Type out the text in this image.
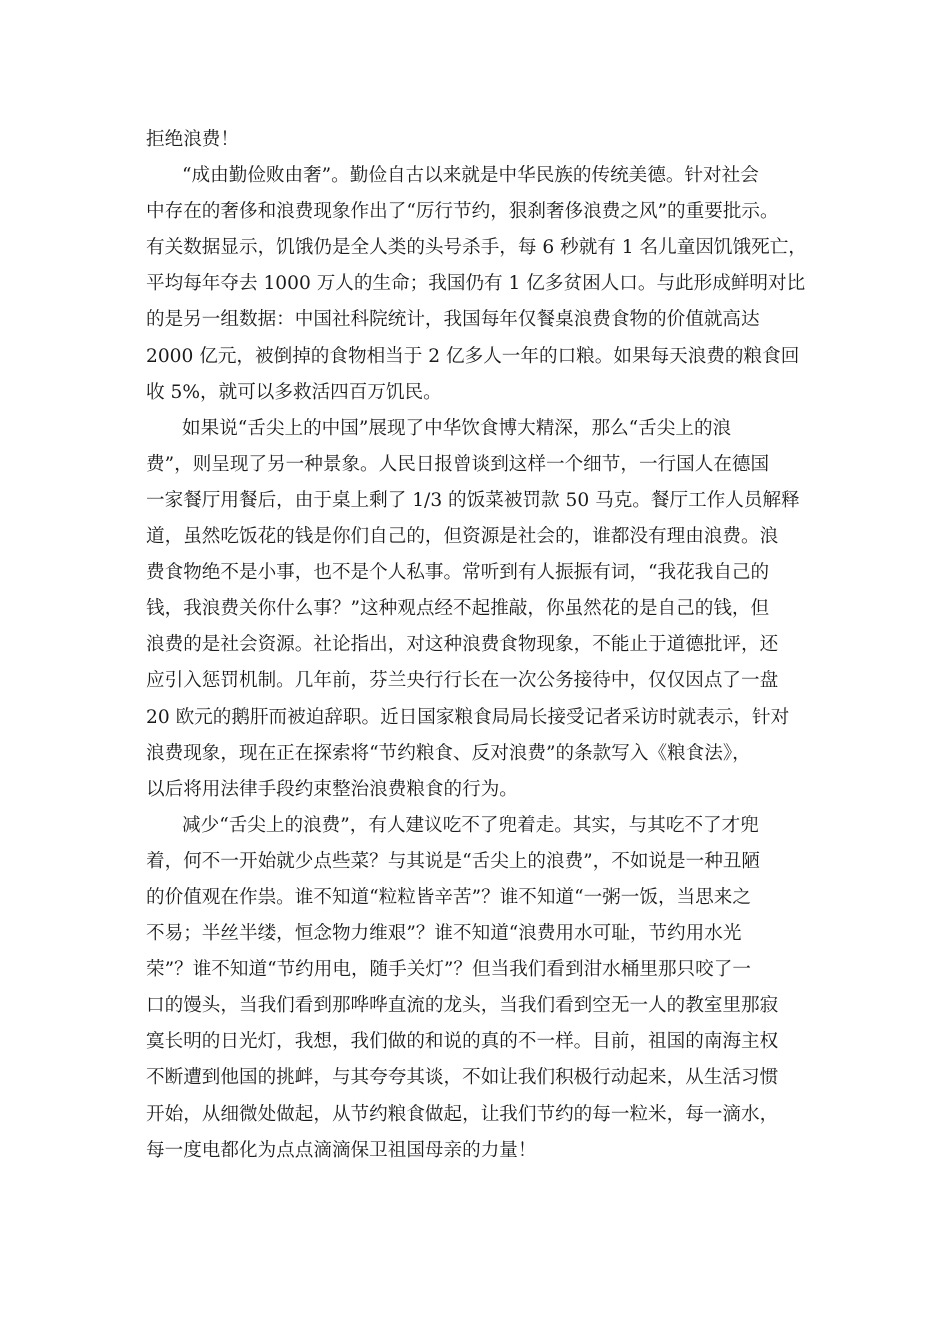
拒绝浪费！
“成由勤俭败由奢”。勤俭自古以来就是中华民族的传统美德。针对社会
中存在的奢侈和浪费现象作出了“厉行节约，狠刹奢侈浪费之风”的重要批示。
有关数据显示，饥饿仍是全人类的头号杀手，每 6 秒就有 1 名儿童因饥饿死亡，
平均每年夺去 1000 万人的生命；我国仍有 1 亿多贫困人口。与此形成鲜明对比
的是另一组数据：中国社科院统计，我国每年仅餐桌浪费食物的价值就高达
2000 亿元，被倒掉的食物相当于 2 亿多人一年的口粮。如果每天浪费的粮食回
收 5%，就可以多救活四百万饥民。
如果说“舌尖上的中国”展现了中华饮食博大精深，那么“舌尖上的浪
费”，则呈现了另一种景象。人民日报曾谈到这样一个细节，一行国人在德国
一家餐厅用餐后，由于桌上剩了 1/3 的饭菜被罚款 50 马克。餐厅工作人员解释
道，虽然吃饭花的钱是你们自己的，但资源是社会的，谁都没有理由浪费。浪
费食物绝不是小事，也不是个人私事。常听到有人振振有词，“我花我自己的
钱，我浪费关你什么事？”这种观点经不起推敲，你虽然花的是自己的钱，但
浪费的是社会资源。社论指出，对这种浪费食物现象，不能止于道德批评，还
应引入惩罚机制。几年前，芬兰央行行长在一次公务接待中，仅仅因点了一盘
20 欧元的鹅肝而被迫辞职。近日国家粮食局局长接受记者采访时就表示，针对
浪费现象，现在正在探索将“节约粮食、反对浪费”的条款写入《粮食法》，
以后将用法律手段约束整治浪费粮食的行为。
减少“舌尖上的浪费”，有人建议吃不了兜着走。其实，与其吃不了才兜
着，何不一开始就少点些菜？与其说是“舌尖上的浪费”，不如说是一种丑陋
的价值观在作祟。谁不知道“粒粒皆辛苦”？谁不知道“一粥一饭，当思来之
不易；半丝半缕，恒念物力维艰”？谁不知道“浪费用水可耻，节约用水光
荣”？谁不知道“节约用电，随手关灯”？但当我们看到泔水桶里那只咬了一
口的馒头，当我们看到那哗哗直流的龙头，当我们看到空无一人的教室里那寂
寞长明的日光灯，我想，我们做的和说的真的不一样。目前，祖国的南海主权
不断遭到他国的挑衅，与其夸夸其谈，不如让我们积极行动起来，从生活习惯
开始，从细微处做起，从节约粮食做起，让我们节约的每一粒米，每一滴水，
每一度电都化为点点滴滴保卫祖国母亲的力量！
